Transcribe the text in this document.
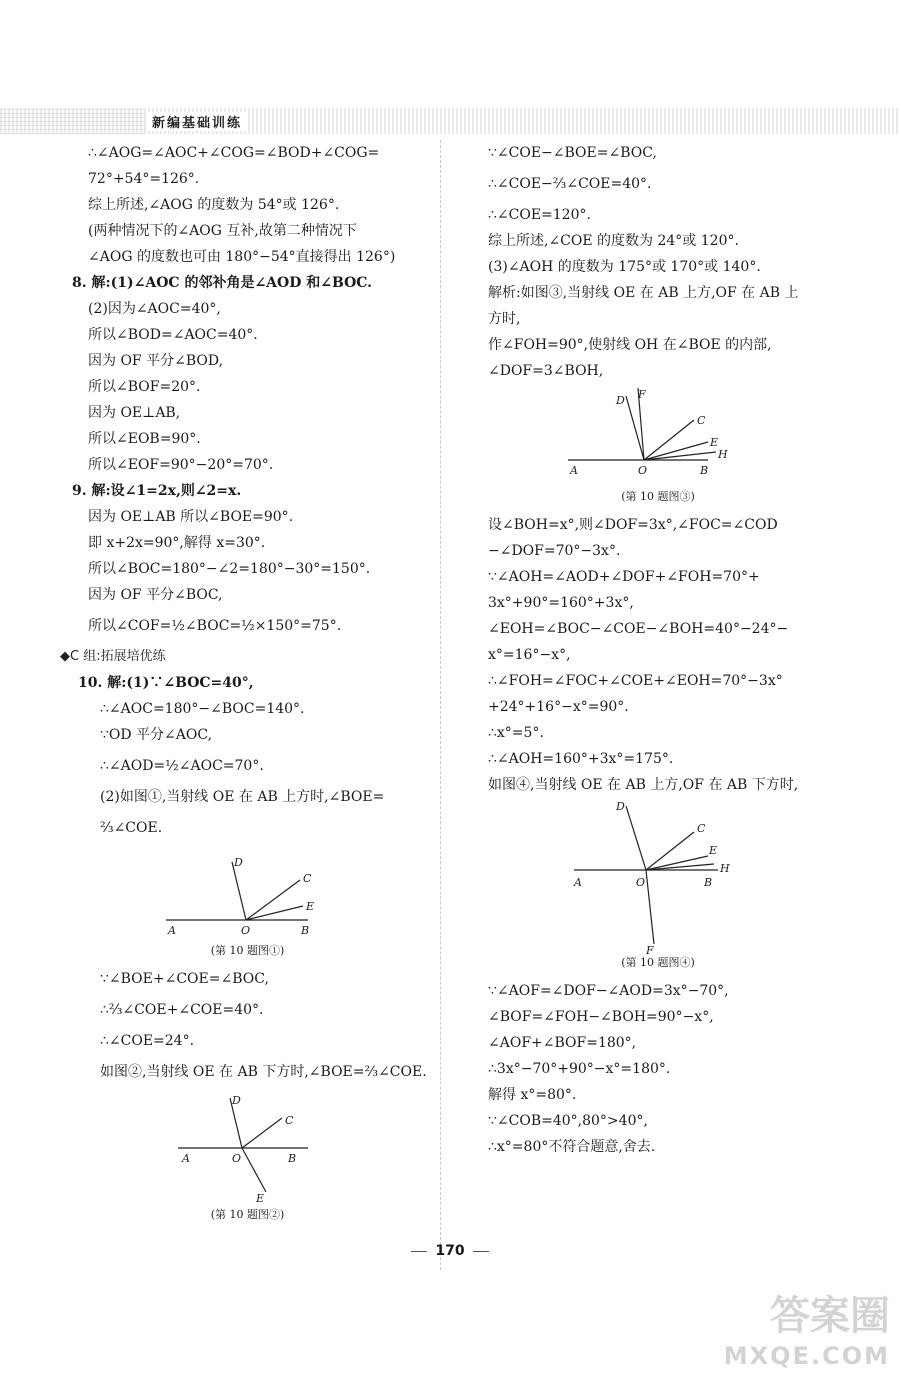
新编基础训练
∴∠AOG=∠AOC+∠COG=∠BOD+∠COG=
72°+54°=126°.
综上所述,∠AOG 的度数为 54°或 126°.
(两种情况下的∠AOG 互补,故第二种情况下
∠AOG 的度数也可由 180°−54°直接得出 126°)
8. 解:(1)∠AOC 的邻补角是∠AOD 和∠BOC.
(2)因为∠AOC=40°,
所以∠BOD=∠AOC=40°.
因为 OF 平分∠BOD,
所以∠BOF=20°.
因为 OE⊥AB,
所以∠EOB=90°.
所以∠EOF=90°−20°=70°.
9. 解:设∠1=2x,则∠2=x.
因为 OE⊥AB 所以∠BOE=90°.
即 x+2x=90°,解得 x=30°.
所以∠BOC=180°−∠2=180°−30°=150°.
因为 OF 平分∠BOC,
所以∠COF=½∠BOC=½×150°=75°.
◆C 组:拓展培优练
10. 解:(1)∵∠BOC=40°,
∴∠AOC=180°−∠BOC=140°.
∵OD 平分∠AOC,
∴∠AOD=½∠AOC=70°.
(2)如图①,当射线 OE 在 AB 上方时,∠BOE=
⅔∠COE.
D
C
E
A	O	B
(第 10 题图①)
∵∠BOE+∠COE=∠BOC,
∴⅔∠COE+∠COE=40°.
∴∠COE=24°.
如图②,当射线 OE 在 AB 下方时,∠BOE=⅔∠COE.
D
C
A	O	B
E
(第 10 题图②)
∵∠COE−∠BOE=∠BOC,
∴∠COE−⅔∠COE=40°.
∴∠COE=120°.
综上所述,∠COE 的度数为 24°或 120°.
(3)∠AOH 的度数为 175°或 170°或 140°.
解析:如图③,当射线 OE 在 AB 上方,OF 在 AB 上
方时,
作∠FOH=90°,使射线 OH 在∠BOE 的内部,
∠DOF=3∠BOH,
F
D
C
E
H
A	O	B
(第 10 题图③)
设∠BOH=x°,则∠DOF=3x°,∠FOC=∠COD
−∠DOF=70°−3x°.
∵∠AOH=∠AOD+∠DOF+∠FOH=70°+
3x°+90°=160°+3x°,
∠EOH=∠BOC−∠COE−∠BOH=40°−24°−
x°=16°−x°,
∴∠FOH=∠FOC+∠COE+∠EOH=70°−3x°
+24°+16°−x°=90°.
∴x°=5°.
∴∠AOH=160°+3x°=175°.
如图④,当射线 OE 在 AB 上方,OF 在 AB 下方时,
D
C
E
H
A	O	B
F
(第 10 题图④)
∵∠AOF=∠DOF−∠AOD=3x°−70°,
∠BOF=∠FOH−∠BOH=90°−x°,
∠AOF+∠BOF=180°,
∴3x°−70°+90°−x°=180°.
解得 x°=80°.
∵∠COB=40°,80°>40°,
∴x°=80°不符合题意,舍去.
170
答案圈
MXQE.COM
